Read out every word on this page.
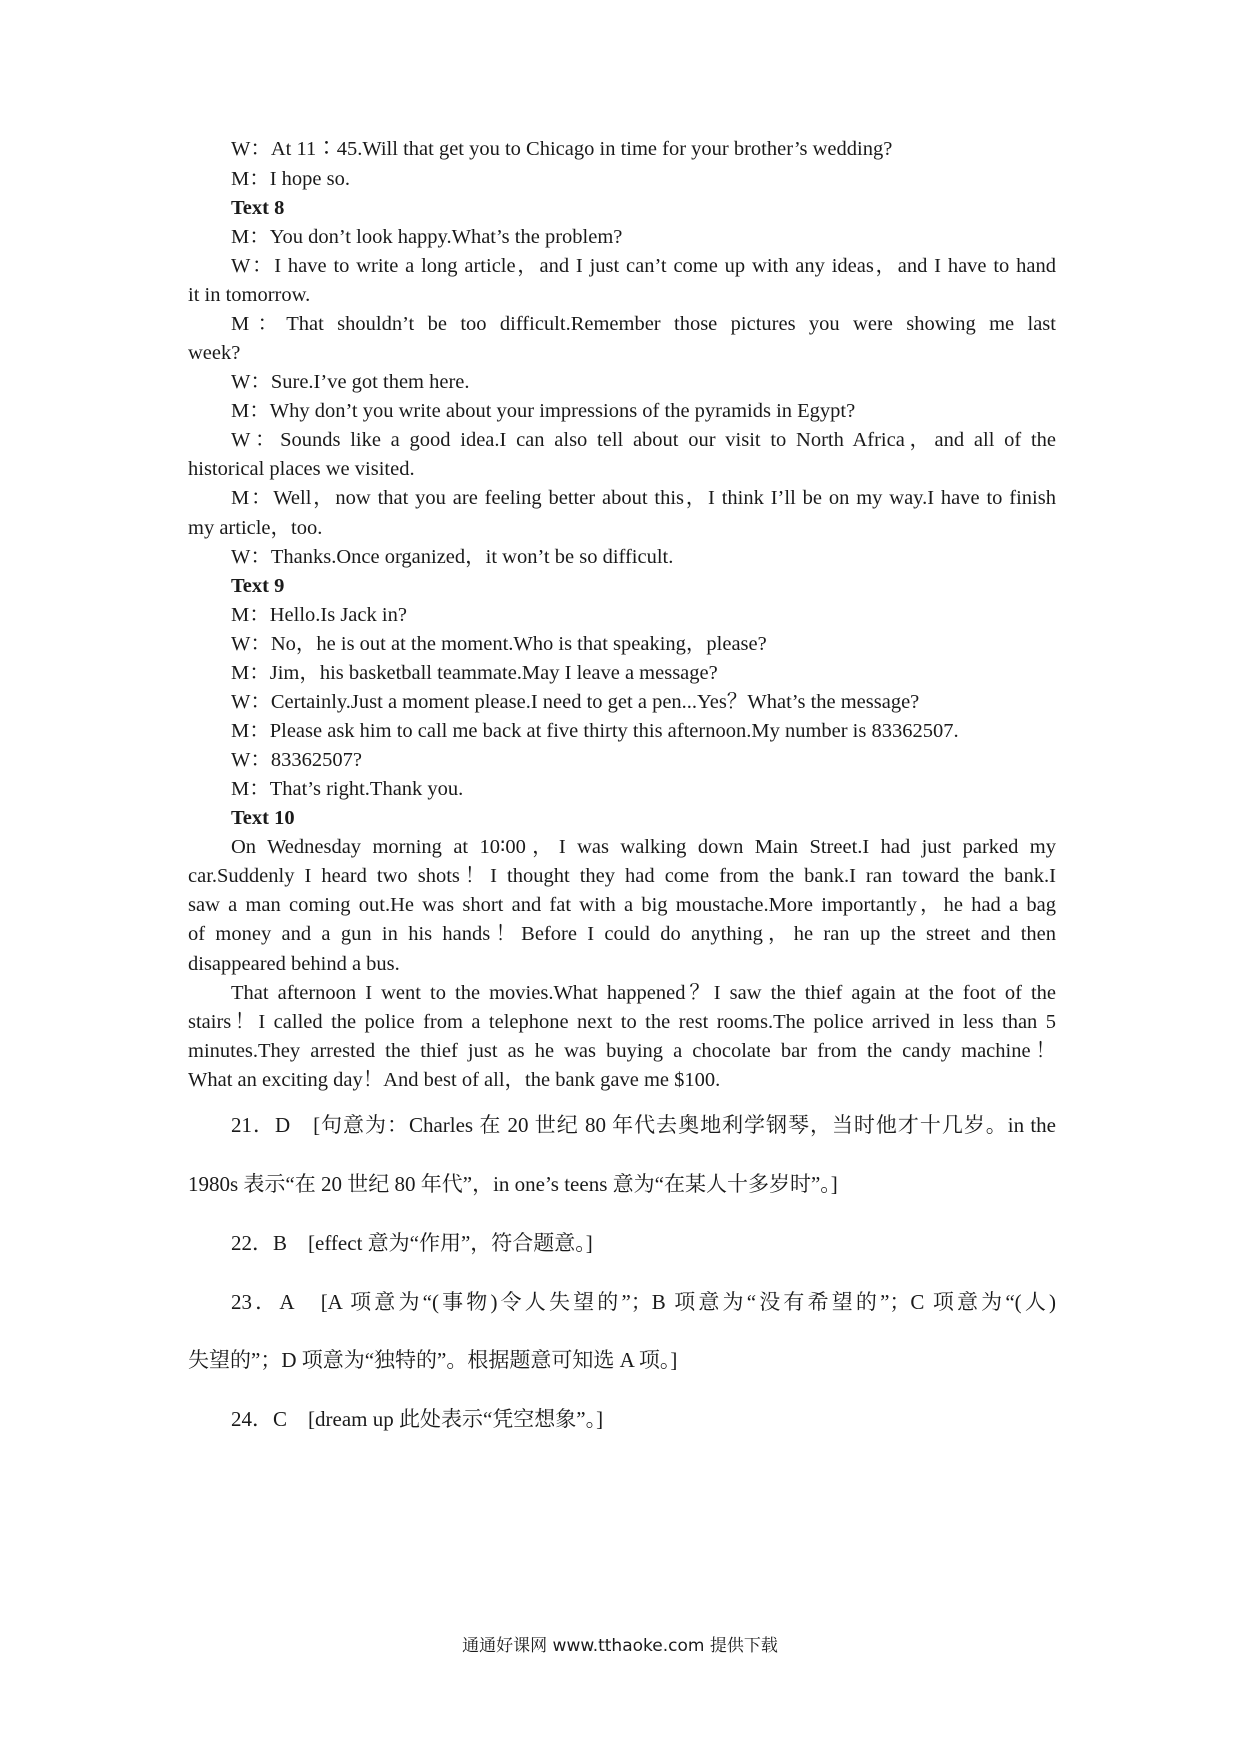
W：At 11∶45.Will that get you to Chicago in time for your brother’s wedding?
M：I hope so.
Text 8
M：You don’t look happy.What’s the problem?
W：I have to write a long article，and I just can’t come up with any ideas，and I have to hand
it in tomorrow.
M：That shouldn’t be too difficult.Remember those pictures you were showing me last
week?
W：Sure.I’ve got them here.
M：Why don’t you write about your impressions of the pyramids in Egypt?
W：Sounds like a good idea.I can also tell about our visit to North Africa，and all of the
historical places we visited.
M：Well，now that you are feeling better about this，I think I’ll be on my way.I have to finish
my article，too.
W：Thanks.Once organized，it won’t be so difficult.
Text 9
M：Hello.Is Jack in?
W：No，he is out at the moment.Who is that speaking，please?
M：Jim，his basketball teammate.May I leave a message?
W：Certainly.Just a moment please.I need to get a pen...Yes？What’s the message?
M：Please ask him to call me back at five thirty this afternoon.My number is 83362507.
W：83362507?
M：That’s right.Thank you.
Text 10
On Wednesday morning at 10∶00，I was walking down Main Street.I had just parked my
car.Suddenly I heard two shots！I thought they had come from the bank.I ran toward the bank.I
saw a man coming out.He was short and fat with a big moustache.More importantly，he had a bag
of money and a gun in his hands！Before I could do anything，he ran up the street and then
disappeared behind a bus.
That afternoon I went to the movies.What happened？I saw the thief again at the foot of the
stairs！I called the police from a telephone next to the rest rooms.The police arrived in less than 5
minutes.They arrested the thief just as he was buying a chocolate bar from the candy machine！
What an exciting day！And best of all，the bank gave me $100.
21．D　[句意为：Charles 在 20 世纪 80 年代去奥地利学钢琴，当时他才十几岁。in the
1980s 表示“在 20 世纪 80 年代”，in one’s teens 意为“在某人十多岁时”。]
22．B　[effect 意为“作用”，符合题意。]
23．A　[A 项意为“(事物)令人失望的”；B 项意为“没有希望的”；C 项意为“(人)
失望的”；D 项意为“独特的”。根据题意可知选 A 项。]
24．C　[dream up 此处表示“凭空想象”。]
通通好课网 www.tthaoke.com 提供下载
